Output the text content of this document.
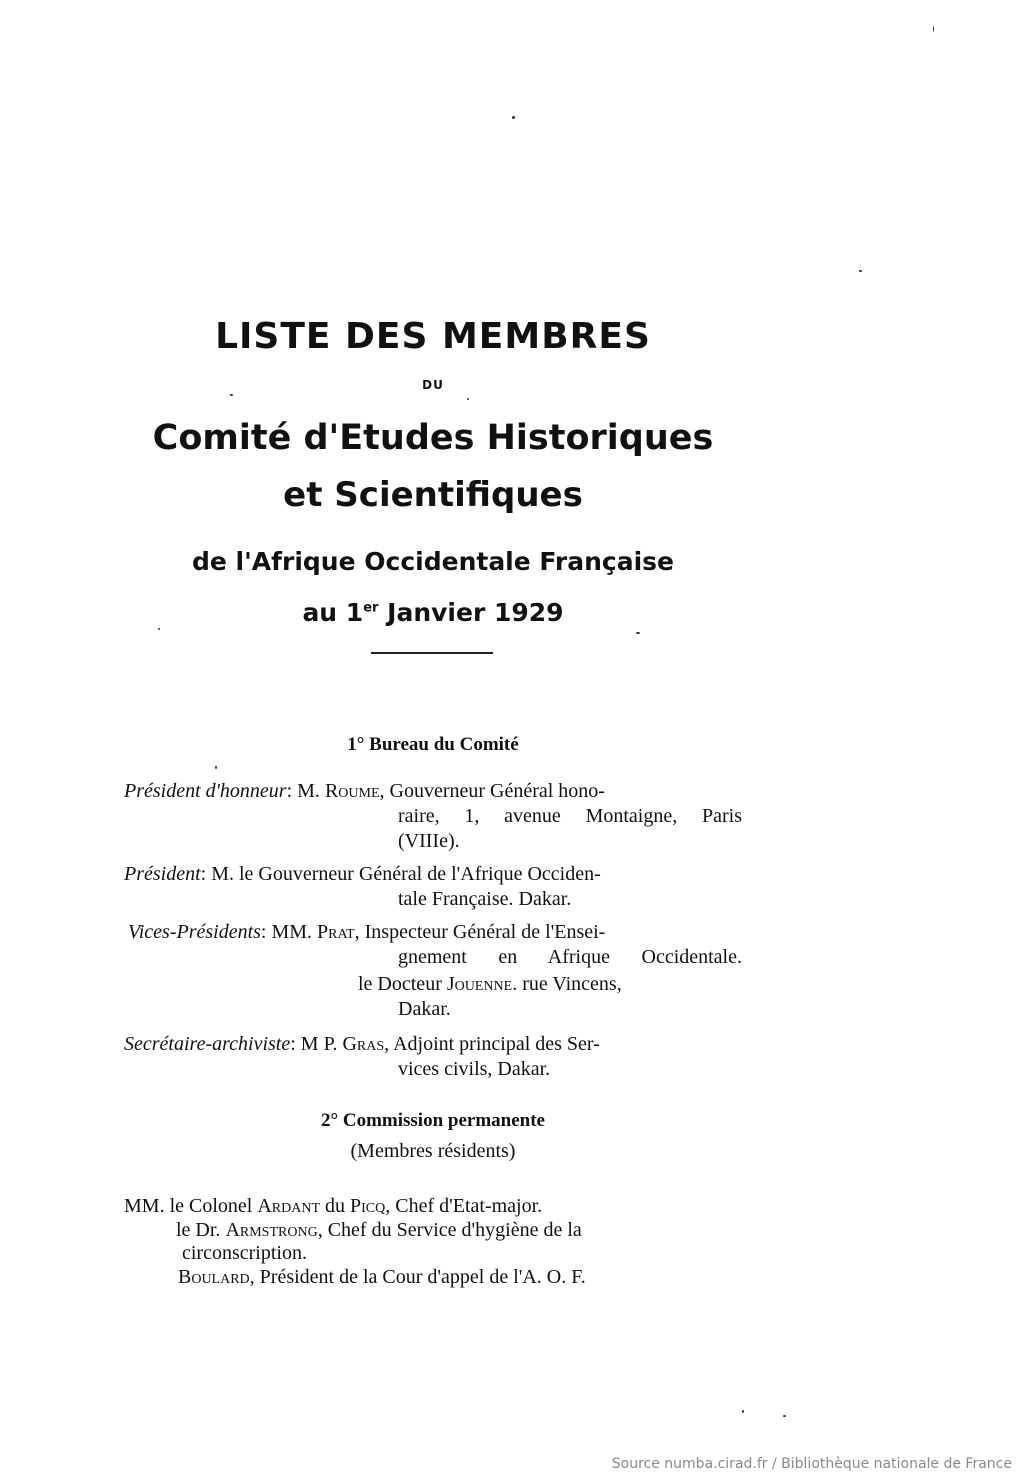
LISTE DES MEMBRES
DU
Comité d'Etudes Historiques
et Scientifiques
de l'Afrique Occidentale Française
au 1er Janvier 1929
1° Bureau du Comité
Président d'honneur: M. Roume, Gouverneur Général hono-
raire, 1, avenue Montaigne, Paris
(VIIIe).
Président: M. le Gouverneur Général de l'Afrique Occiden-
tale Française. Dakar.
Vices-Présidents: MM. Prat, Inspecteur Général de l'Ensei-
gnement en Afrique Occidentale.
le Docteur Jouenne. rue Vincens,
Dakar.
Secrétaire-archiviste: M P. Gras, Adjoint principal des Ser-
vices civils, Dakar.
2° Commission permanente
(Membres résidents)
MM. le Colonel Ardant du Picq, Chef d'Etat-major.
le Dr. Armstrong, Chef du Service d'hygiène de la
circonscription.
Boulard, Président de la Cour d'appel de l'A. O. F.
Source numba.cirad.fr / Bibliothèque nationale de France
